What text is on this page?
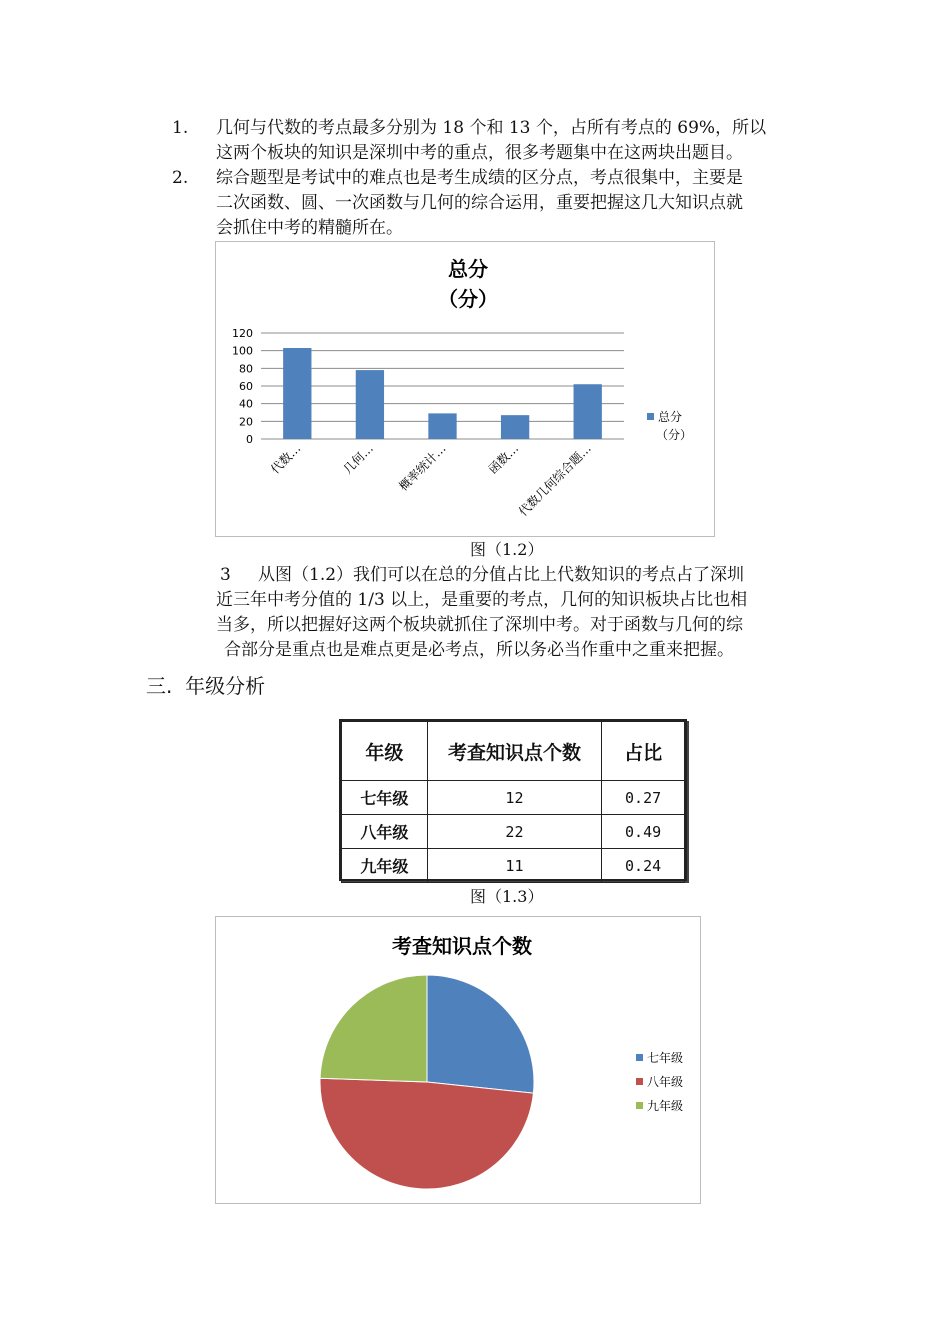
1. 几何与代数的考点最多分别为 18 个和 13 个，占所有考点的 69%，所以
这两个板块的知识是深圳中考的重点，很多考题集中在这两块出题目。
2. 综合题型是考试中的难点也是考生成绩的区分点，考点很集中，主要是
二次函数、圆、一次函数与几何的综合运用，重要把握这几大知识点就
会抓住中考的精髓所在。
总分
（分）
120
100
80
60
40
20
0
代数…	几何… 概率统计…	函数…
代数几何综合题…
总分
（分）
图（1.2）
3 从图（1.2）我们可以在总的分值占比上代数知识的考点占了深圳
近三年中考分值的 1/3 以上，是重要的考点，几何的知识板块占比也相
当多，所以把握好这两个板块就抓住了深圳中考。对于函数与几何的综
合部分是重点也是难点更是必考点，所以务必当作重中之重来把握。
三.  年级分析
年级	考查知识点个数	占比
七年级	12	0.27
八年级	22	0.49
九年级	11	0.24
图（1.3）
考查知识点个数
七年级
八年级
九年级
